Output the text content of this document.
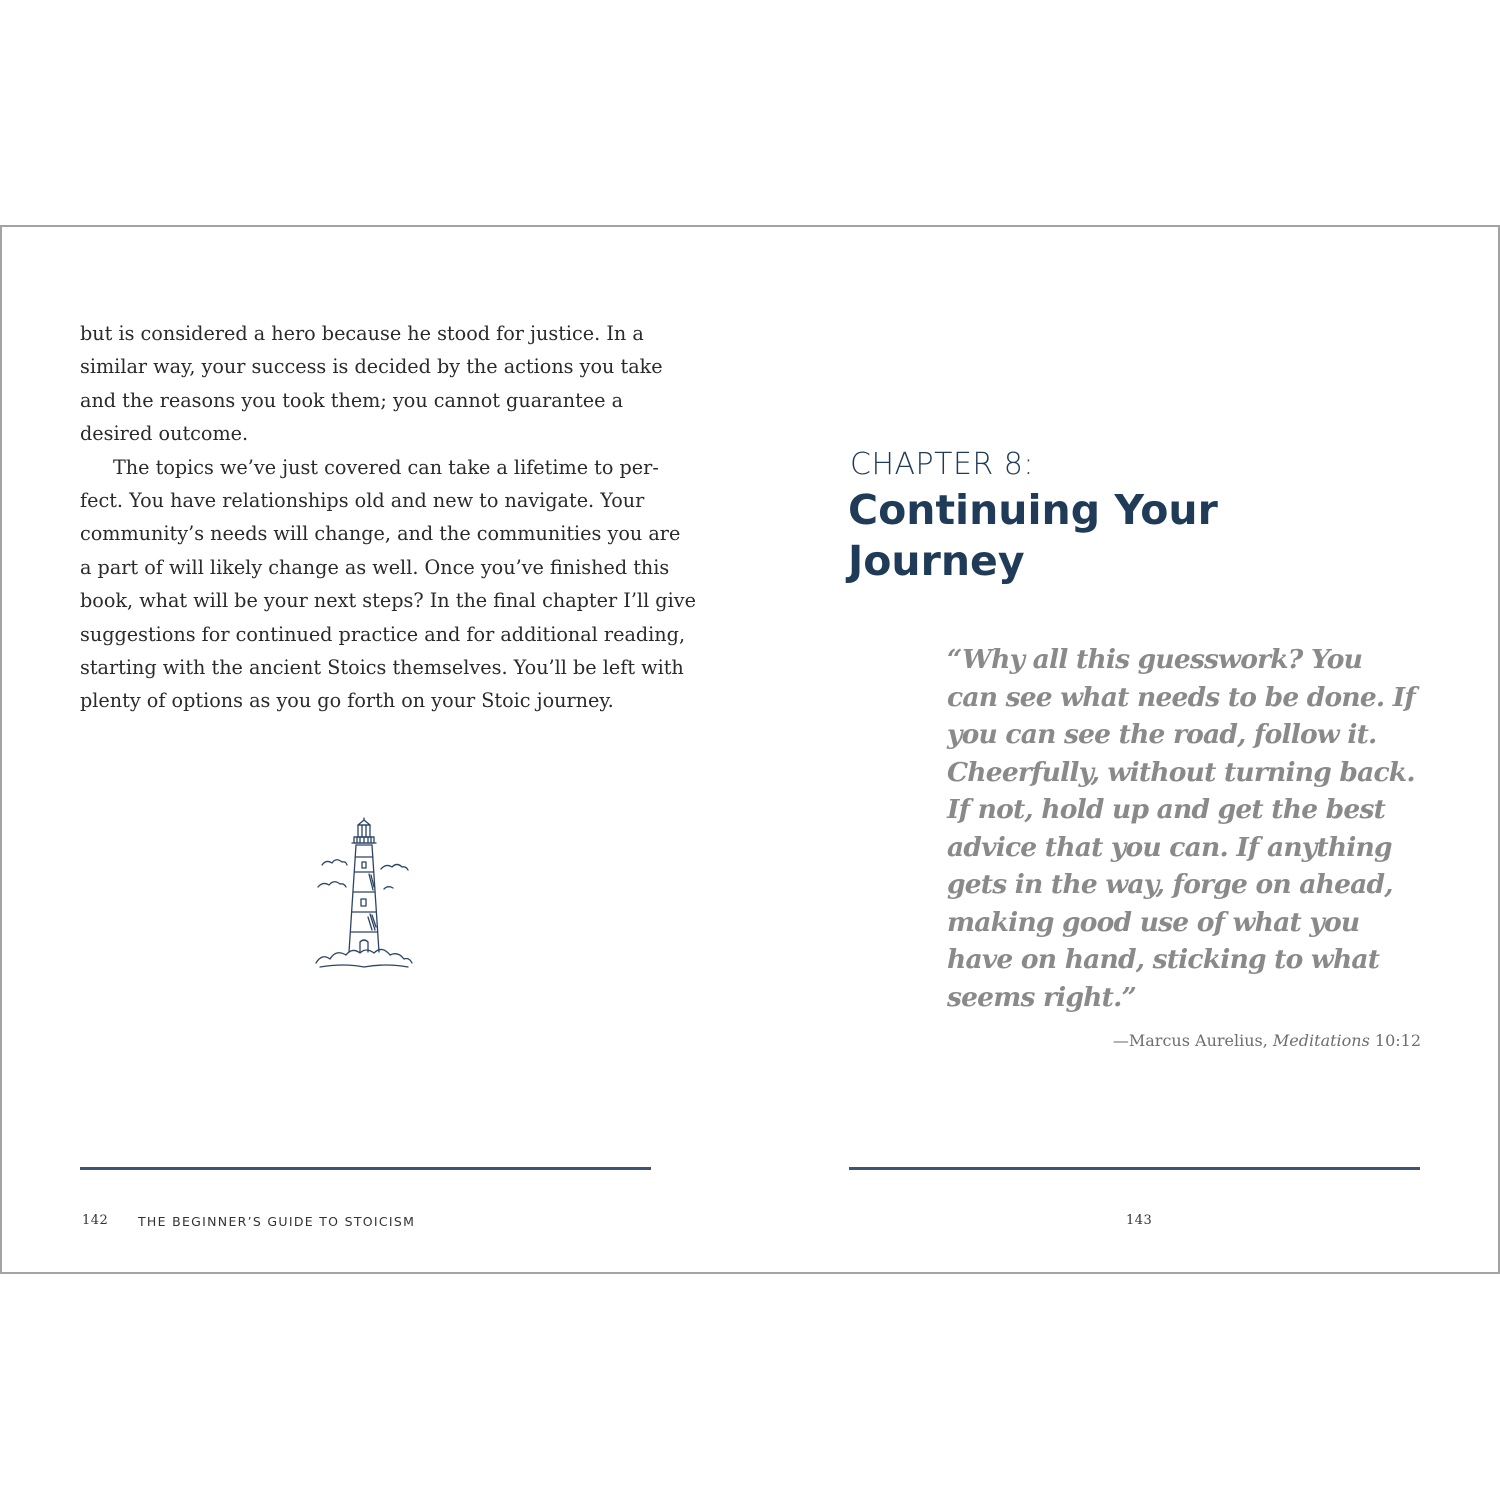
but is considered a hero because he stood for justice. In a

similar way, your success is decided by the actions you take

and the reasons you took them; you cannot guarantee a

desired outcome.

The topics we’ve just covered can take a lifetime to per-

fect. You have relationships old and new to navigate. Your

community’s needs will change, and the communities you are

a part of will likely change as well. Once you’ve finished this

book, what will be your next steps? In the final chapter I’ll give

suggestions for continued practice and for additional reading,

starting with the ancient Stoics themselves. You’ll be left with

plenty of options as you go forth on your Stoic journey.

142 THE BEGINNER’S GUIDE TO STOICISM
CHAPTER 8:
Continuing Your Journey
“Why all this guesswork? You
can see what needs to be done. If
you can see the road, follow it.
Cheerfully, without turning back.
If not, hold up and get the best
advice that you can. If anything
gets in the way, forge on ahead,
making good use of what you
have on hand, sticking to what
seems right.”
—Marcus Aurelius, Meditations 10:12
143
